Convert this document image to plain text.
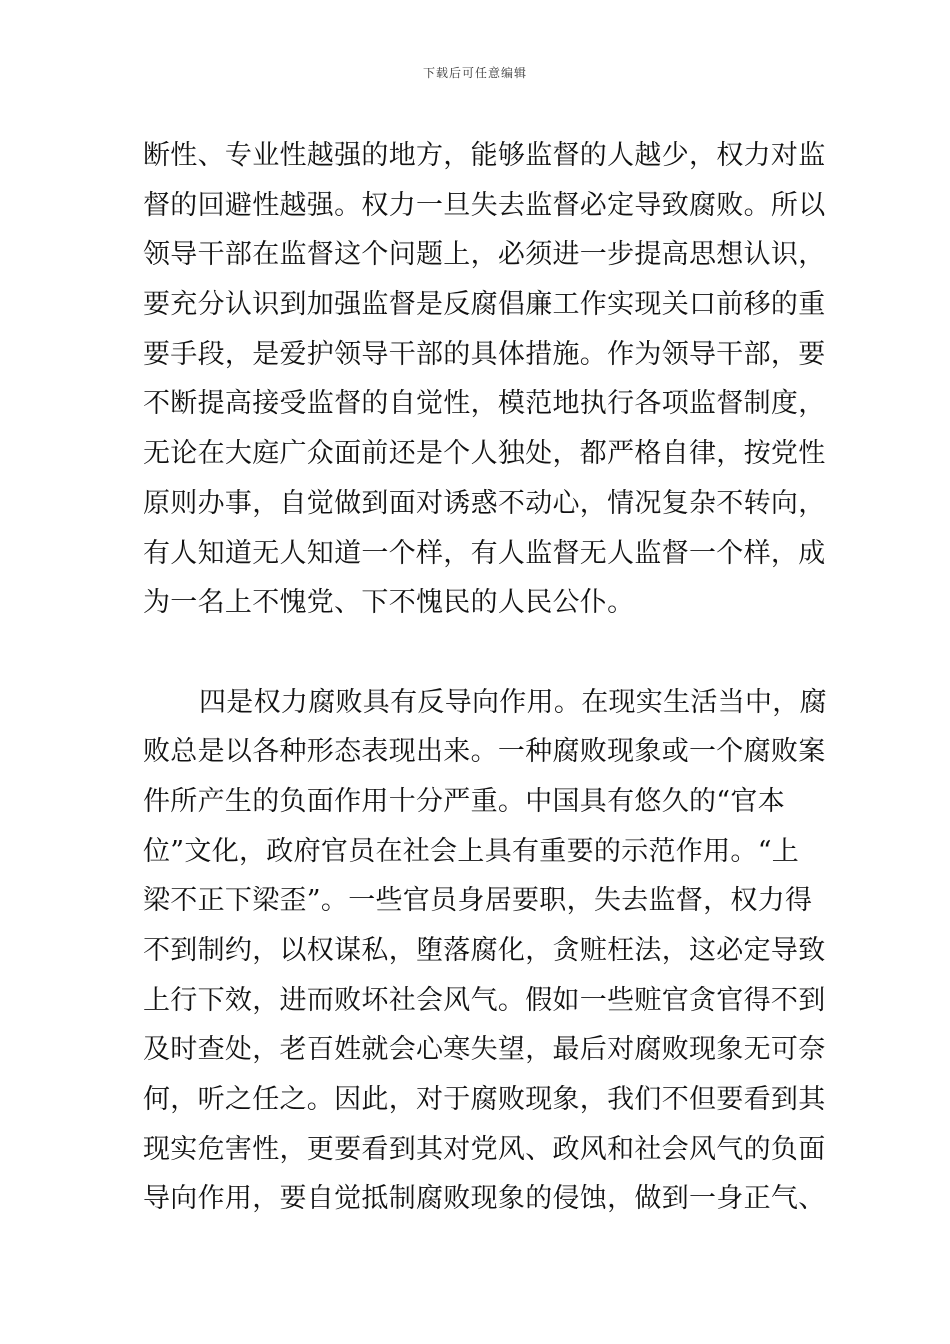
下载后可任意编辑
断性、专业性越强的地方，能够监督的人越少，权力对监
督的回避性越强。权力一旦失去监督必定导致腐败。所以
领导干部在监督这个问题上，必须进一步提高思想认识，
要充分认识到加强监督是反腐倡廉工作实现关口前移的重
要手段，是爱护领导干部的具体措施。作为领导干部，要
不断提高接受监督的自觉性，模范地执行各项监督制度，
无论在大庭广众面前还是个人独处，都严格自律，按党性
原则办事，自觉做到面对诱惑不动心，情况复杂不转向，
有人知道无人知道一个样，有人监督无人监督一个样，成
为一名上不愧党、下不愧民的人民公仆。
四是权力腐败具有反导向作用。在现实生活当中，腐
败总是以各种形态表现出来。一种腐败现象或一个腐败案
件所产生的负面作用十分严重。中国具有悠久的“官本
位”文化，政府官员在社会上具有重要的示范作用。“上
梁不正下梁歪”。一些官员身居要职，失去监督，权力得
不到制约，以权谋私，堕落腐化，贪赃枉法，这必定导致
上行下效，进而败坏社会风气。假如一些赃官贪官得不到
及时查处，老百姓就会心寒失望，最后对腐败现象无可奈
何，听之任之。因此，对于腐败现象，我们不但要看到其
现实危害性，更要看到其对党风、政风和社会风气的负面
导向作用，要自觉抵制腐败现象的侵蚀，做到一身正气、
